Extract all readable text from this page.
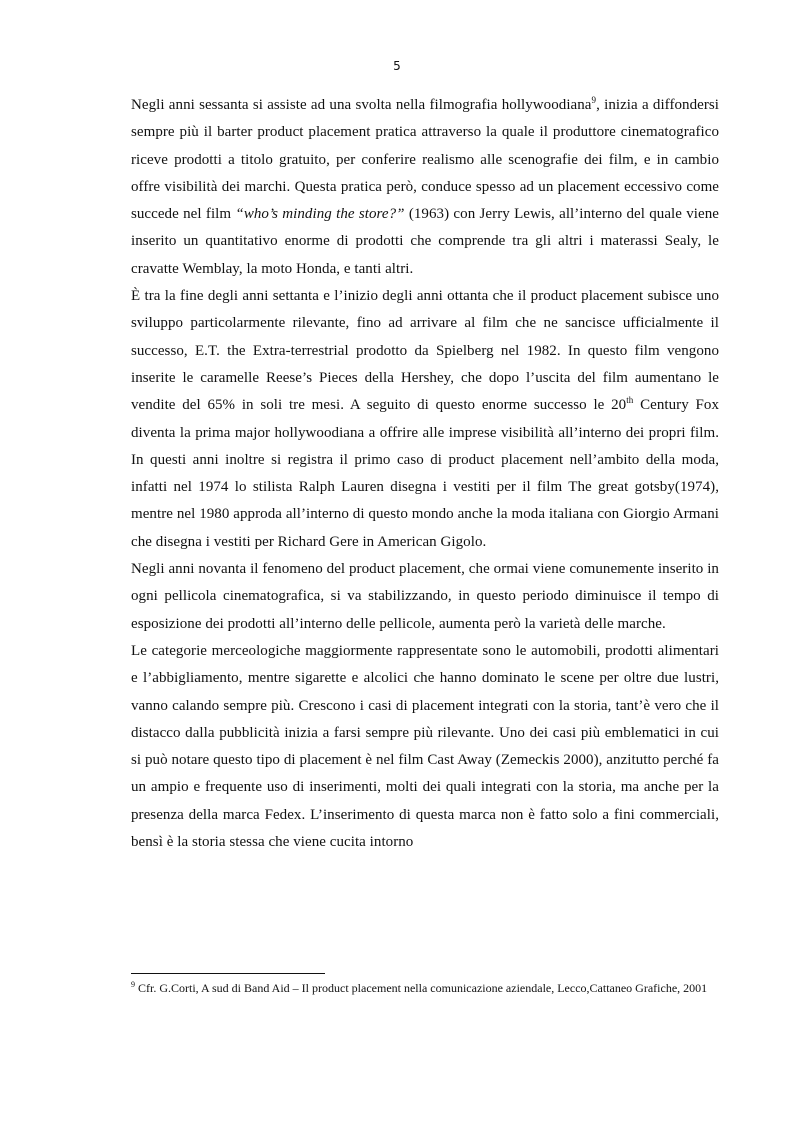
5

Negli anni sessanta si assiste ad una svolta nella filmografia hollywoodiana$^9$, inizia a diffondersi sempre più il barter product placement pratica attraverso la quale il produttore cinematografico riceve prodotti a titolo gratuito, per conferire realismo alle scenografie dei film, e in cambio offre visibilità dei marchi. Questa pratica però, conduce spesso ad un placement eccessivo come succede nel film “who’s minding the store?” (1963) con Jerry Lewis, all’interno del quale viene inserito un quantitativo enorme di prodotti che comprende tra gli altri i materassi Sealy, le cravatte Wemblay, la moto Honda, e tanti altri.

È tra la fine degli anni settanta e l’inizio degli anni ottanta che il product placement subisce uno sviluppo particolarmente rilevante, fino ad arrivare al film che ne sancisce ufficialmente il successo, E.T. the Extra-terrestrial prodotto da Spielberg nel 1982. In questo film vengono inserite le caramelle Reese’s Pieces della Hershey, che dopo l’uscita del film aumentano le vendite del 65% in soli tre mesi. A seguito di questo enorme successo le 20th Century Fox diventa la prima major hollywoodiana a offrire alle imprese visibilità all’interno dei propri film. In questi anni inoltre si registra il primo caso di product placement nell’ambito della moda, infatti nel 1974 lo stilista Ralph Lauren disegna i vestiti per il film The great gotsby(1974), mentre nel 1980 approda all’interno di questo mondo anche la moda italiana con Giorgio Armani che disegna i vestiti per Richard Gere in American Gigolo.

Negli anni novanta il fenomeno del product placement, che ormai viene comunemente inserito in ogni pellicola cinematografica, si va stabilizzando, in questo periodo diminuisce il tempo di esposizione dei prodotti all’interno delle pellicole, aumenta però la varietà delle marche.

Le categorie merceologiche maggiormente rappresentate sono le automobili, prodotti alimentari e l’abbigliamento, mentre sigarette e alcolici che hanno dominato le scene per oltre due lustri, vanno calando sempre più. Crescono i casi di placement integrati con la storia, tant’è vero che il distacco dalla pubblicità inizia a farsi sempre più rilevante. Uno dei casi più emblematici in cui si può notare questo tipo di placement è nel film Cast Away (Zemeckis 2000), anzitutto perché fa un ampio e frequente uso di inserimenti, molti dei quali integrati con la storia, ma anche per la presenza della marca Fedex. L’inserimento di questa marca non è fatto solo a fini commerciali, bensì è la storia stessa che viene cucita intorno

$^9$ Cfr. G.Corti, A sud di Band Aid – Il product placement nella comunicazione aziendale, Lecco,Cattaneo Grafiche, 2001
